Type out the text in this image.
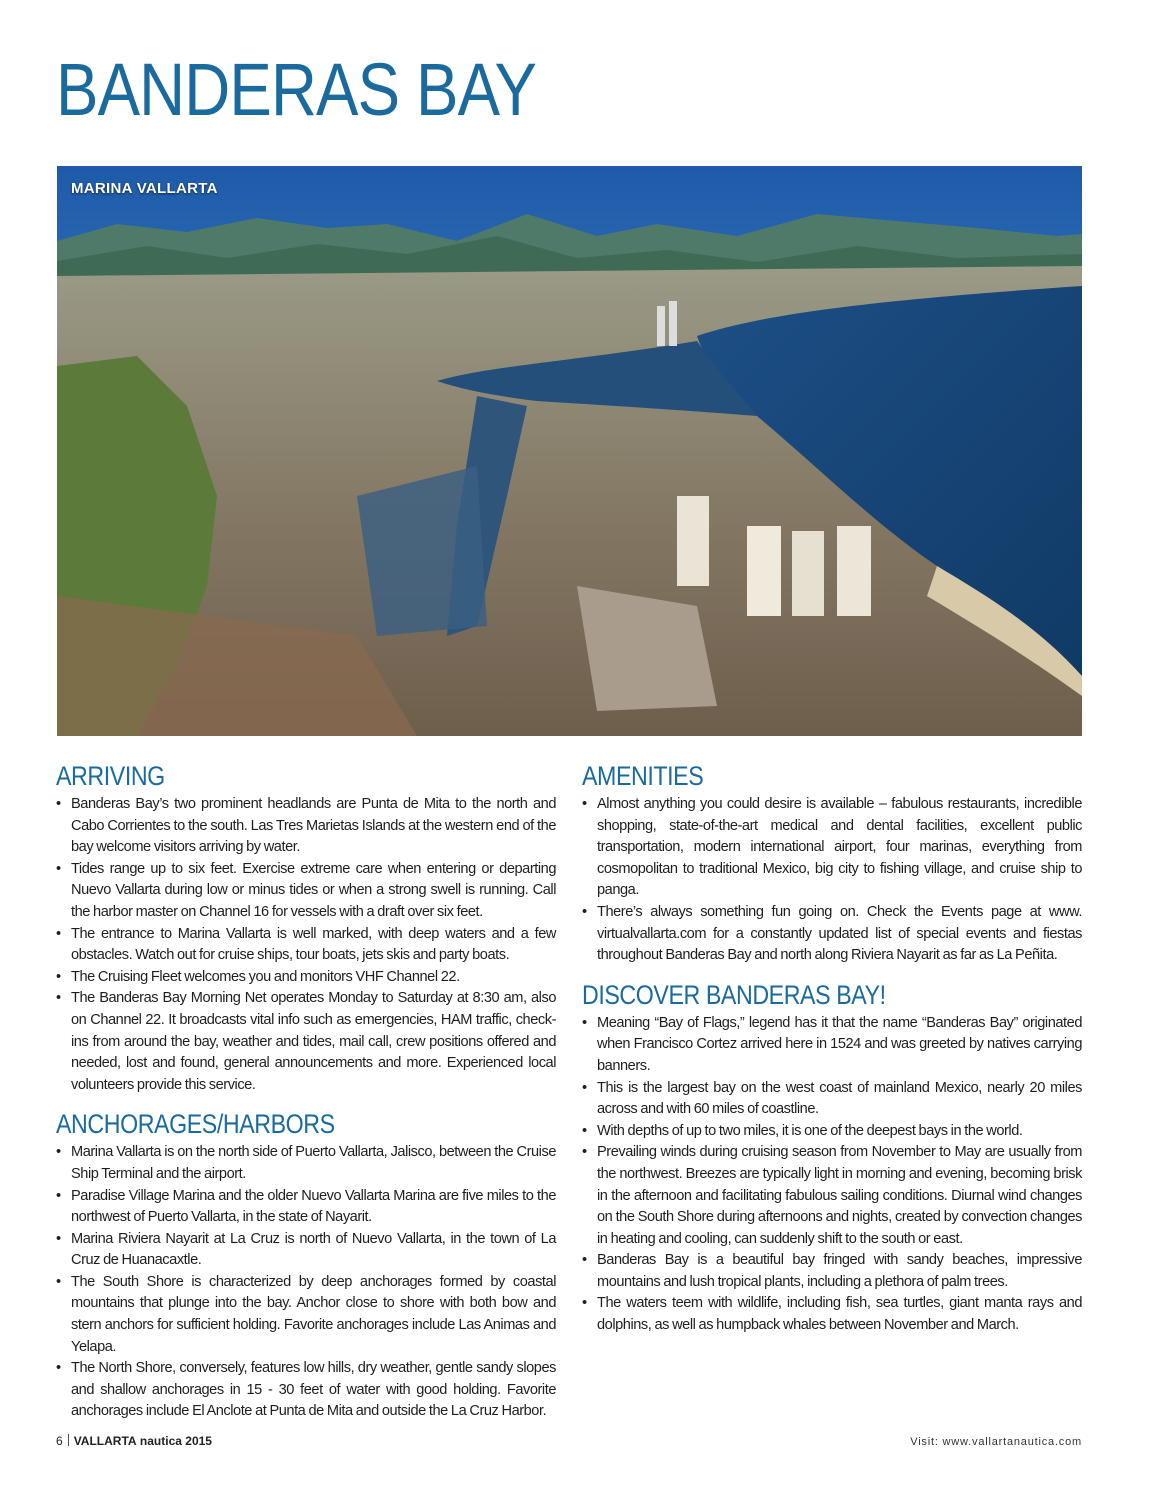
BANDERAS BAY
MARINA VALLARTA
ARRIVING
• Banderas Bay’s two prominent headlands are Punta de Mita to the north and Cabo Corrientes to the south. Las Tres Marietas Islands at the western end of the bay welcome visitors arriving by water.
• Tides range up to six feet. Exercise extreme care when entering or departing Nuevo Vallarta during low or minus tides or when a strong swell is running. Call the harbor master on Channel 16 for vessels with a draft over six feet.
• The entrance to Marina Vallarta is well marked, with deep waters and a few obstacles. Watch out for cruise ships, tour boats, jets skis and party boats.
• The Cruising Fleet welcomes you and monitors VHF Channel 22.
• The Banderas Bay Morning Net operates Monday to Saturday at 8:30 am, also on Channel 22. It broadcasts vital info such as emergencies, HAM traffic, check-ins from around the bay, weather and tides, mail call, crew positions offered and needed, lost and found, general announcements and more. Experienced local volunteers provide this service.
ANCHORAGES/HARBORS
• Marina Vallarta is on the north side of Puerto Vallarta, Jalisco, between the Cruise Ship Terminal and the airport.
• Paradise Village Marina and the older Nuevo Vallarta Marina are five miles to the northwest of Puerto Vallarta, in the state of Nayarit.
• Marina Riviera Nayarit at La Cruz is north of Nuevo Vallarta, in the town of La Cruz de Huanacaxtle.
• The South Shore is characterized by deep anchorages formed by coastal mountains that plunge into the bay. Anchor close to shore with both bow and stern anchors for sufficient holding. Favorite anchorages include Las Animas and Yelapa.
• The North Shore, conversely, features low hills, dry weather, gentle sandy slopes and shallow anchorages in 15 - 30 feet of water with good holding. Favorite anchorages include El Anclote at Punta de Mita and outside the La Cruz Harbor.
AMENITIES
• Almost anything you could desire is available – fabulous restaurants, incredible shopping, state-of-the-art medical and dental facilities, excellent public transportation, modern international airport, four marinas, everything from cosmopolitan to traditional Mexico, big city to fishing village, and cruise ship to panga.
• There’s always something fun going on. Check the Events page at www. virtualvallarta.com for a constantly updated list of special events and fiestas throughout Banderas Bay and north along Riviera Nayarit as far as La Peñita.
DISCOVER BANDERAS BAY!
• Meaning “Bay of Flags,” legend has it that the name “Banderas Bay” originated when Francisco Cortez arrived here in 1524 and was greeted by natives carrying banners.
• This is the largest bay on the west coast of mainland Mexico, nearly 20 miles across and with 60 miles of coastline.
• With depths of up to two miles, it is one of the deepest bays in the world.
• Prevailing winds during cruising season from November to May are usually from the northwest. Breezes are typically light in morning and evening, becoming brisk in the afternoon and facilitating fabulous sailing conditions. Diurnal wind changes on the South Shore during afternoons and nights, created by convection changes in heating and cooling, can suddenly shift to the south or east.
• Banderas Bay is a beautiful bay fringed with sandy beaches, impressive mountains and lush tropical plants, including a plethora of palm trees.
• The waters teem with wildlife, including fish, sea turtles, giant manta rays and dolphins, as well as humpback whales between November and March.
6 VALLARTA nautica 2015	Visit: www.vallartanautica.com
